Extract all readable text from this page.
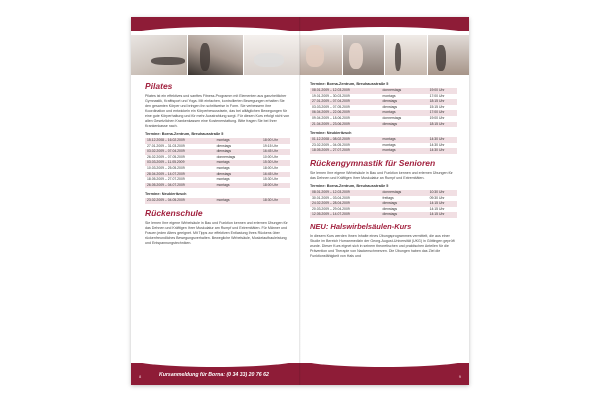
Pilates

Pilates ist ein effektives und sanftes Fitness-Programm mit Elementen aus ganzheitlicher Gymnastik, Krafttsport und Yoga. Mit einfachen, kontrollierten Bewegungen erhalten Sie den gesamten Körper und bringen ihn schrittweise in Form. Sie verbessern ihre Koordination und entwickeln ein Körperbewusstsein, das bei alltäglichen Bewegungen für eine gute Körperhaltung und für mehr Ausstrahlung sorgt. Für diesen Kurs erfolgt nicht von allen Gesetzlichen Krankenkassen eine Kostenerstattung. Bitte fragen Sie bei Ihrer Krankenkasse nach.

Termine: Borna-Zentrum, Breuhausstraße 5
15.12.2008 – 16.02.2009	montags	18:00 Uhr
27.01.2009 – 31.03.2009	dienstags	19:15 Uhr
03.02.2009 – 07.04.2009	dienstags	16:45 Uhr
26.02.2009 – 07.05.2009	donnerstags	10:00 Uhr
03.03.2009 – 11.05.2009	montags	15:30 Uhr
10.03.2009 – 25.05.2009	montags	18:00 Uhr
28.04.2009 – 14.07.2009	dienstags	16:45 Uhr
18.05.2009 – 27.07.2009	montags	15:30 Uhr
26.05.2009 – 04.07.2009	montags	18:00 Uhr
Termine: Neukieritzsch
23.02.2009 – 04.05.2009	montags	18:30 Uhr
Rückenschule

Sie lernen Ihre eigene Wirbelsäule in Bau und Funktion kennen und erlernen Übungen für das Dehnen und Kräftigen Ihrer Muskulatur am Rumpf und Extremitäten. Für Männer und Frauen jeden Alters geeignet. Mit Tipps zur effektiven Entlastung Ihres Rückens über rückenfreundliches Bewegungsverhalten. Bewegliche Wirbelsäule, Muskelaufbauleistung und Entspannungstechniken.

Kursanmeldung für Borna: (0 34 33) 20 76 62
8
Termine: Borna-Zentrum, Breuhausstraße 5
08.01.2009 – 12.03.2009	donnerstags	19:00 Uhr
19.01.2009 – 30.03.2009	montags	17:00 Uhr
27.01.2009 – 07.04.2009	dienstags	18:15 Uhr
03.03.2009 – 07.05.2009	dienstags	15:15 Uhr
06.04.2009 – 22.06.2009	montags	17:00 Uhr
09.04.2009 – 18.06.2009	donnerstags	19:00 Uhr
21.04.2009 – 23.06.2009	dienstags	18:15 Uhr
Termine: Neukieritzsch
01.12.2008 – 08.02.2009	montags	14:30 Uhr
23.02.2009 – 04.05.2009	montags	14:30 Uhr
18.05.2009 – 27.07.2009	montags	14:30 Uhr
Rückengymnastik für Senioren

Sie lernen Ihre eigene Wirbelsäule in Bau und Funktion kennen und erlernen Übungen für das Dehnen und Kräftigen Ihrer Muskulatur an Rumpf und Extremitäten.

Termine: Borna-Zentrum, Breuhausstraße 5
08.01.2009 – 12.03.2009	donnerstags	10:30 Uhr
30.01.2009 – 03.04.2009	freitags	09:30 Uhr
24.02.2009 – 28.04.2009	dienstags	14:15 Uhr
20.03.2009 – 29.04.2009	dienstags	14:15 Uhr
12.05.2009 – 14.07.2009	dienstags	14:15 Uhr
NEU: Halswirbelsäulen-Kurs

In diesem Kurs werden Ihnen Inhalte eines Übungsprogrammes vermittelt, die aus einer Studie im Bereich Humanmedizin der Georg-August-Universität (UKG) in Göttingen geprüft wurde. Dieser Kurs eignet sich in seinem theoretischen und praktischen Anteilen für die Prävention und Therapie von Nackenschmerzen. Die Übungen haben das Ziel die Funktionsfähigkeit von Hals und

9
